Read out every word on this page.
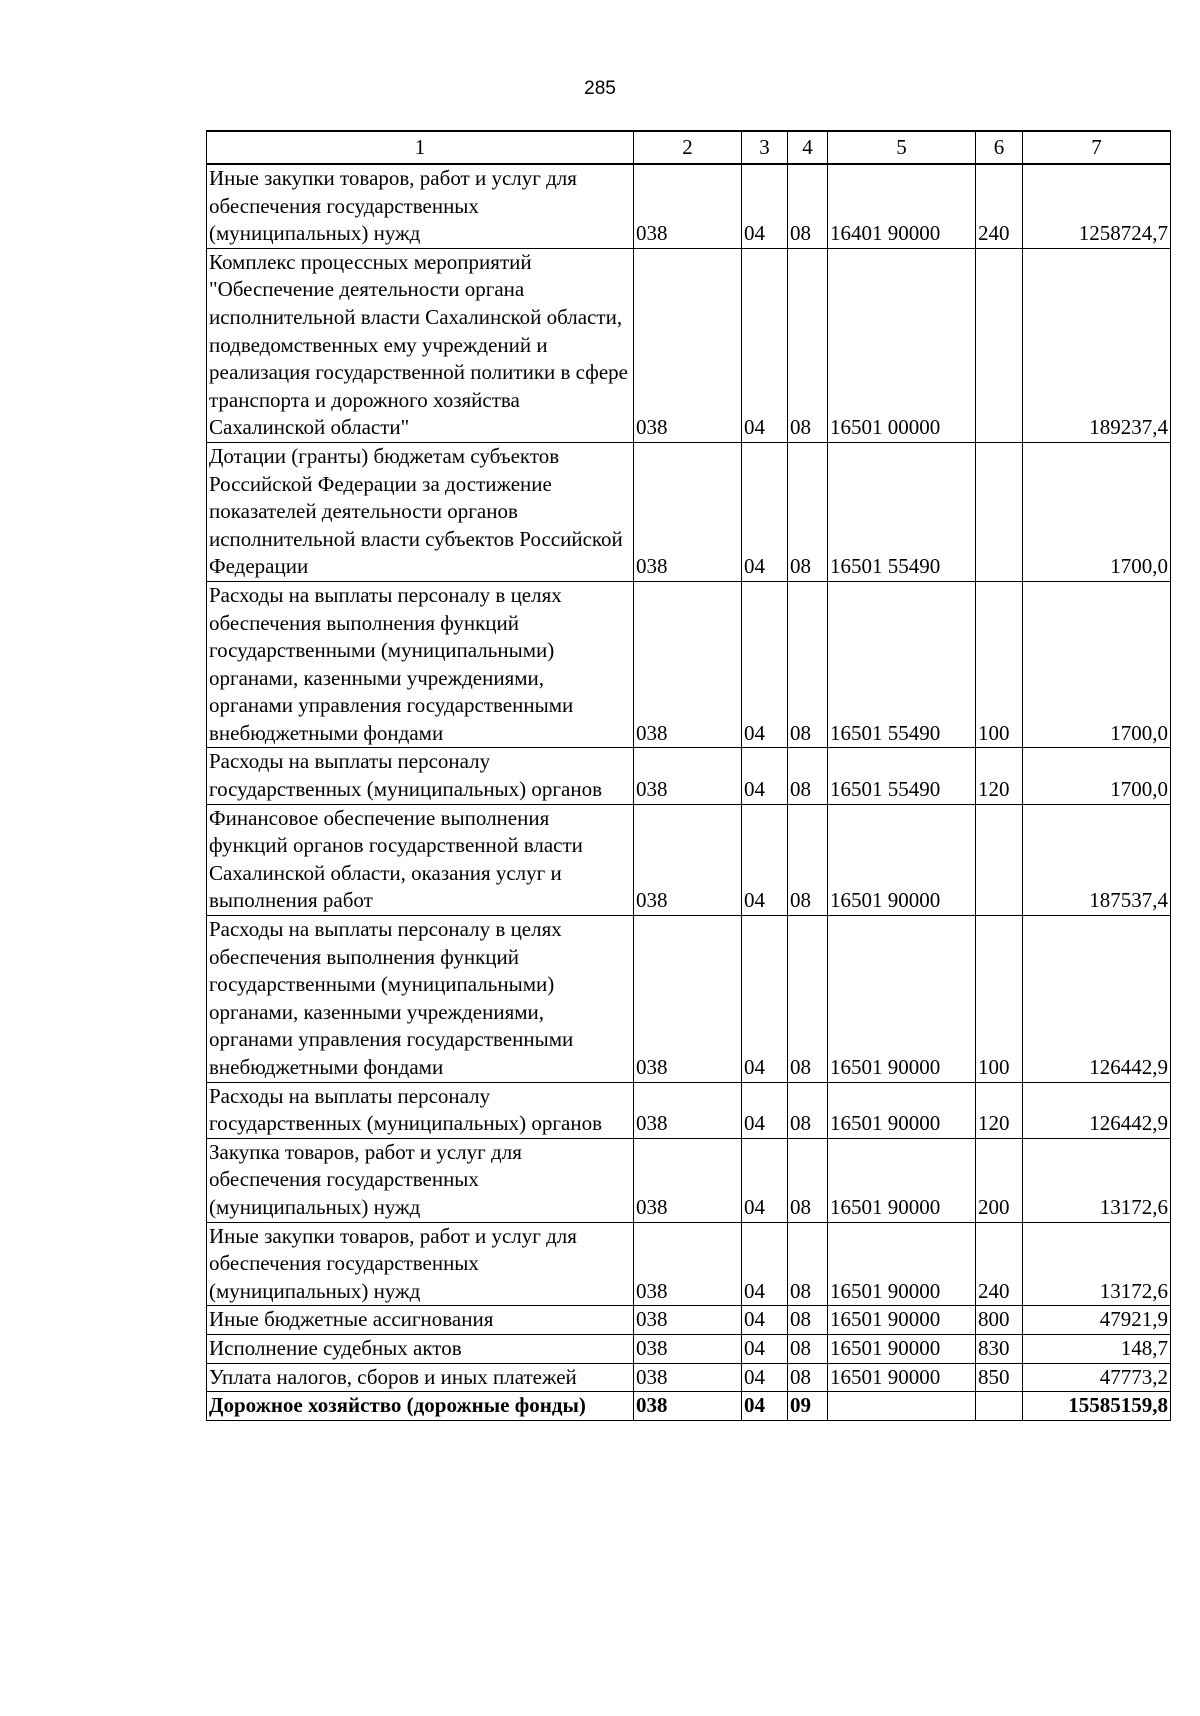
285
1	2	3	4	5	6	7
Иные закупки товаров, работ и услуг для обеспечения государственных (муниципальных) нужд	038	04	08	16401 90000	240	1258724,7
Комплекс процессных мероприятий "Обеспечение деятельности органа исполнительной власти Сахалинской области, подведомственных ему учреждений и реализация государственной политики в сфере транспорта и дорожного хозяйства Сахалинской области"	038	04	08	16501 00000		189237,4
Дотации (гранты) бюджетам субъектов Российской Федерации за достижение показателей деятельности органов исполнительной власти субъектов Российской Федерации	038	04	08	16501 55490		1700,0
Расходы на выплаты персоналу в целях обеспечения выполнения функций государственными (муниципальными) органами, казенными учреждениями, органами управления государственными внебюджетными фондами	038	04	08	16501 55490	100	1700,0
Расходы на выплаты персоналу государственных (муниципальных) органов	038	04	08	16501 55490	120	1700,0
Финансовое обеспечение выполнения функций органов государственной власти Сахалинской области, оказания услуг и выполнения работ	038	04	08	16501 90000		187537,4
Расходы на выплаты персоналу в целях обеспечения выполнения функций государственными (муниципальными) органами, казенными учреждениями, органами управления государственными внебюджетными фондами	038	04	08	16501 90000	100	126442,9
Расходы на выплаты персоналу государственных (муниципальных) органов	038	04	08	16501 90000	120	126442,9
Закупка товаров, работ и услуг для обеспечения государственных (муниципальных) нужд	038	04	08	16501 90000	200	13172,6
Иные закупки товаров, работ и услуг для обеспечения государственных (муниципальных) нужд	038	04	08	16501 90000	240	13172,6
Иные бюджетные ассигнования	038	04	08	16501 90000	800	47921,9
Исполнение судебных актов	038	04	08	16501 90000	830	148,7
Уплата налогов, сборов и иных платежей	038	04	08	16501 90000	850	47773,2
Дорожное хозяйство (дорожные фонды)	038	04	09			15585159,8
